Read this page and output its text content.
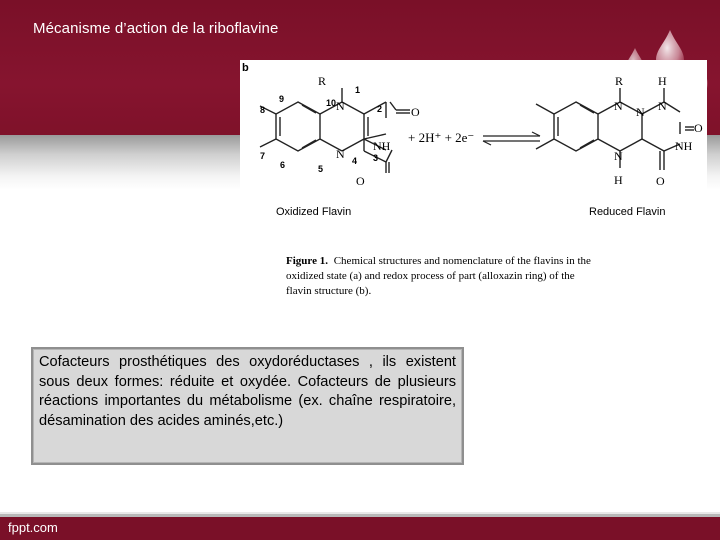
Mécanisme d’action de la riboflavine
b
R
N
N
NH
O
O
1
2
3
4
5
6
7
8
9	10
Oxidized Flavin
+ 2H⁺ + 2e⁻
R	H
N	N
N
N
H
NH
O
O
Reduced Flavin
Figure 1. Chemical structures and nomenclature of the flavins in the
oxidized state (a) and redox process of part (alloxazin ring) of the
flavin structure (b).

Cofacteurs prosthétiques des oxydoréductases , ils existent sous deux formes: réduite et oxydée. Cofacteurs de plusieurs réactions importantes du métabolisme (ex. chaîne respiratoire, désamination des acides aminés,etc.)

fppt.com
